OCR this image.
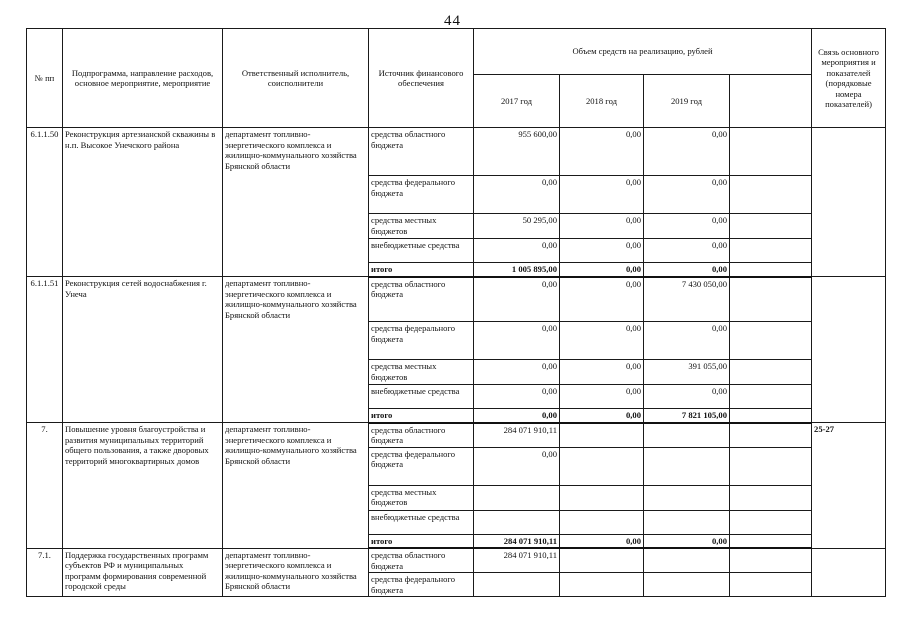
44
№ пп	Подпрограмма, направление расходов, основное мероприятие, мероприятие	Ответственный исполнитель, соисполнители	Источник финансового обеспечения	Объем средств на реализацию, рублей				Связь основного мероприятия и показателей (порядковые номера показателей)
				2017 год	2018 год	2019 год		
6.1.1.50	Реконструкция артезианской скважины в н.п. Высокое Унечского района	департамент топливно-энергетического комплекса и жилищно-коммунального хозяйства Брянской области	средства областного бюджета	955 600,00	0,00	0,00		
			средства федерального бюджета	0,00	0,00	0,00		
			средства местных бюджетов	50 295,00	0,00	0,00		
			внебюджетные средства	0,00	0,00	0,00		
			итого	1 005 895,00	0,00	0,00		
6.1.1.51	Реконструкция сетей водоснабжения г. Унеча	департамент топливно-энергетического комплекса и жилищно-коммунального хозяйства Брянской области	средства областного бюджета	0,00	0,00	7 430 050,00		
			средства федерального бюджета	0,00	0,00	0,00		
			средства местных бюджетов	0,00	0,00	391 055,00		
			внебюджетные средства	0,00	0,00	0,00		
			итого	0,00	0,00	7 821 105,00		
7.	Повышение уровня благоустройства и развития муниципальных территорий общего пользования, а также дворовых территорий многоквартирных домов	департамент топливно-энергетического комплекса и жилищно-коммунального хозяйства Брянской области	средства областного бюджета	284 071 910,11				25-27
			средства федерального бюджета	0,00				
			средства местных бюджетов					
			внебюджетные средства					
			итого	284 071 910,11	0,00	0,00		
7.1.	Поддержка государственных программ субъектов РФ и муниципальных программ формирования современной городской среды	департамент топливно-энергетического комплекса и жилищно-коммунального хозяйства Брянской области	средства областного бюджета	284 071 910,11				
			средства федерального бюджета					
